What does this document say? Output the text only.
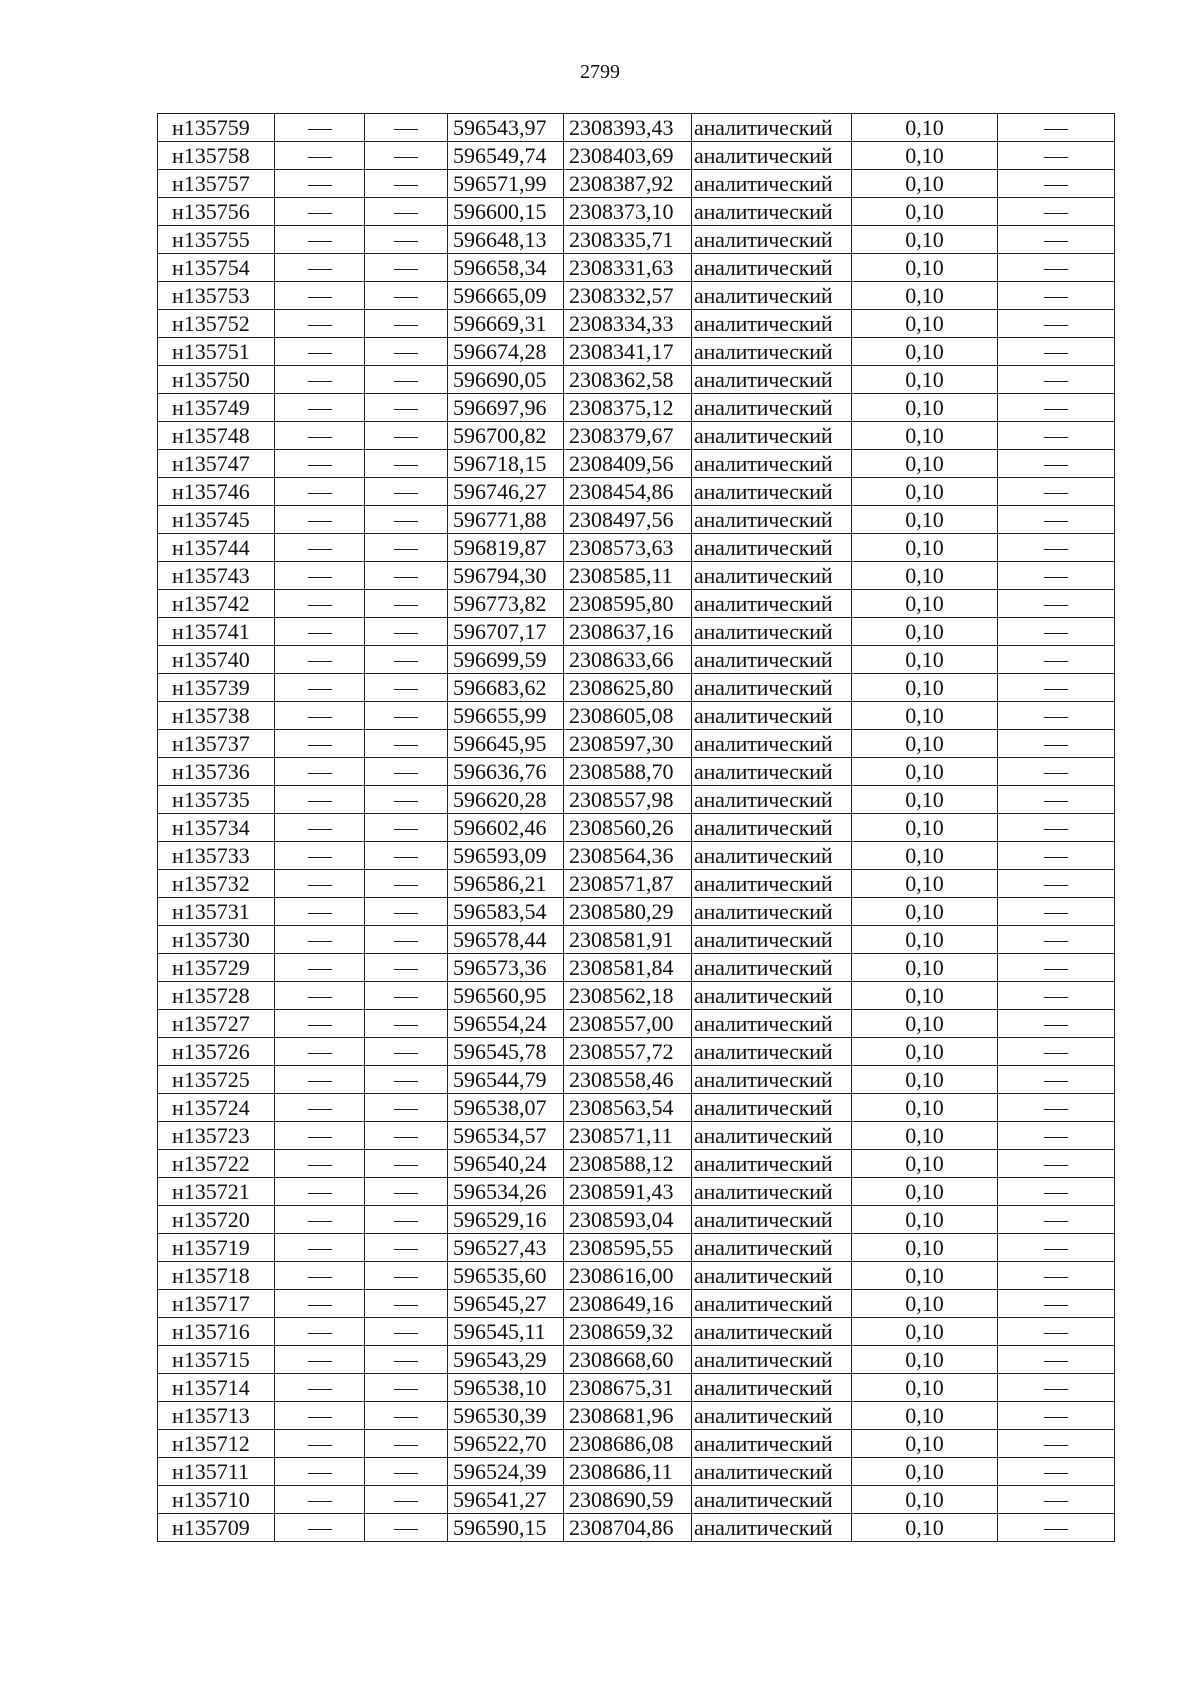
2799
н135759			596543,97	2308393,43	аналитический	0,10	
н135758			596549,74	2308403,69	аналитический	0,10	
н135757			596571,99	2308387,92	аналитический	0,10	
н135756			596600,15	2308373,10	аналитический	0,10	
н135755			596648,13	2308335,71	аналитический	0,10	
н135754			596658,34	2308331,63	аналитический	0,10	
н135753			596665,09	2308332,57	аналитический	0,10	
н135752			596669,31	2308334,33	аналитический	0,10	
н135751			596674,28	2308341,17	аналитический	0,10	
н135750			596690,05	2308362,58	аналитический	0,10	
н135749			596697,96	2308375,12	аналитический	0,10	
н135748			596700,82	2308379,67	аналитический	0,10	
н135747			596718,15	2308409,56	аналитический	0,10	
н135746			596746,27	2308454,86	аналитический	0,10	
н135745			596771,88	2308497,56	аналитический	0,10	
н135744			596819,87	2308573,63	аналитический	0,10	
н135743			596794,30	2308585,11	аналитический	0,10	
н135742			596773,82	2308595,80	аналитический	0,10	
н135741			596707,17	2308637,16	аналитический	0,10	
н135740			596699,59	2308633,66	аналитический	0,10	
н135739			596683,62	2308625,80	аналитический	0,10	
н135738			596655,99	2308605,08	аналитический	0,10	
н135737			596645,95	2308597,30	аналитический	0,10	
н135736			596636,76	2308588,70	аналитический	0,10	
н135735			596620,28	2308557,98	аналитический	0,10	
н135734			596602,46	2308560,26	аналитический	0,10	
н135733			596593,09	2308564,36	аналитический	0,10	
н135732			596586,21	2308571,87	аналитический	0,10	
н135731			596583,54	2308580,29	аналитический	0,10	
н135730			596578,44	2308581,91	аналитический	0,10	
н135729			596573,36	2308581,84	аналитический	0,10	
н135728			596560,95	2308562,18	аналитический	0,10	
н135727			596554,24	2308557,00	аналитический	0,10	
н135726			596545,78	2308557,72	аналитический	0,10	
н135725			596544,79	2308558,46	аналитический	0,10	
н135724			596538,07	2308563,54	аналитический	0,10	
н135723			596534,57	2308571,11	аналитический	0,10	
н135722			596540,24	2308588,12	аналитический	0,10	
н135721			596534,26	2308591,43	аналитический	0,10	
н135720			596529,16	2308593,04	аналитический	0,10	
н135719			596527,43	2308595,55	аналитический	0,10	
н135718			596535,60	2308616,00	аналитический	0,10	
н135717			596545,27	2308649,16	аналитический	0,10	
н135716			596545,11	2308659,32	аналитический	0,10	
н135715			596543,29	2308668,60	аналитический	0,10	
н135714			596538,10	2308675,31	аналитический	0,10	
н135713			596530,39	2308681,96	аналитический	0,10	
н135712			596522,70	2308686,08	аналитический	0,10	
н135711			596524,39	2308686,11	аналитический	0,10	
н135710			596541,27	2308690,59	аналитический	0,10	
н135709			596590,15	2308704,86	аналитический	0,10	
